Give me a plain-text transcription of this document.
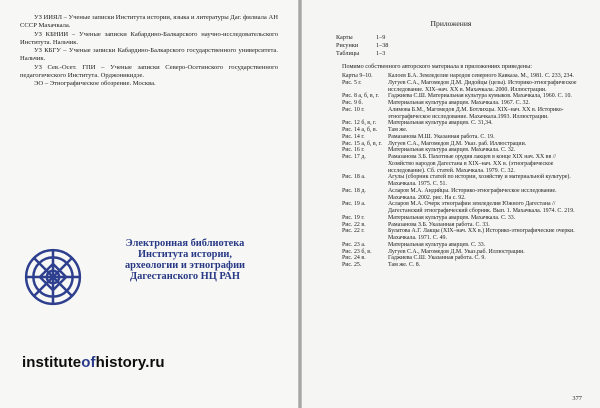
УЗ ИИЯЛ – Ученые записки Института истории, языка и литературы Даг. филиала АН СССР Махачкала.

УЗ КБНИИ – Ученые записки Кабардино-Балкарского научно-исследовательского Института. Нальчик.

УЗ КБГУ – Ученые записки Кабардино-Балкарского государственного университета. Нальчик.

УЗ Сев.-Осет. ГПИ – Ученые записки Северо-Осетинского государственного педагогического Института. Орджоникидзе.

ЭО – Этнографическое обозрение. Москва.

Электронная библиотека
Института истории,
археологии и этнографии
Дагестанского НЦ РАН
instituteofhistory.ru
Приложения
Карты	1–9
Рисунки	1–38
Таблицы	1–3
Помимо собственного авторского материала в приложениях приведены:
Карты 9–10.	Калоев Б.А. Земледелие народов северного Кавказа. М., 1981. С. 233, 234.
Рис. 5 г.	Лугуев С.А., Магомедов Д.М. Дидойцы (цезы). Историко-этнографическое исследование. XIX–нач. XX в. Махачкала. 2000. Иллюстрации.
Рис. 8 а, б, в, г.	Гаджиева С.Ш. Материальная культура кумыков. Махачкала, 1960. С. 10.
Рис. 9 б.	Материальная культура аварцев. Махачкала. 1967. С. 32.
Рис. 10 г.	Алимова Б.М., Магомедов Д.М. Ботлихцы. XIX–нач. XX в. Историко-этнографическое исследование. Махачкала.1993. Иллюстрации.
Рис. 12 б, в, г.	Материальная культура аварцев. С. 31,34.
Рис. 14 а, б, в.	Там же.
Рис. 14 г.	Рамазанова М.Ш. Указанная работа. С. 19.
Рис. 15 а, б, в, г.	Лугуев С.А., Магомедов Д.М. Указ. раб. Иллюстрации.
Рис. 16 г.	Материальная культура аварцев. Махачкала. С. 32.
Рис. 17 д.	Рамазанова З.Б. Пахотные орудия лакцев в конце XIX нач. XX вв // Хозяйство народов Дагестана в XIX–нач. XX в. (этнографическое исследование). Сб. статей. Махачкала. 1979. С. 32.
Рис. 18 а.	Агулы (сборник статей по истории, хозяйству и материальной культуре). Махачкала. 1975. С. 51.
Рис. 18 д.	Асларов М.А. Андийцы. Историко-этнографическое исследование. Махачкала. 2002. рис. На с. 92.
Рис. 19 а.	Асларов М.А. Очерк этнографии земледелия Южного Дагестана // Дагестанский этнографический сборник. Вып. 1. Махачкала. 1974. С. 219.
Рис. 19 г.	Материальная культура аварцев. Махачкала. С. 33.
Рис. 22 в.	Рамазанова З.Б. Указанная работа. С. 33.
Рис. 22 г.	Булатова А.Г. Лакцы (XIX–нач. XX в.) Историко-этнографические очерки. Махачкала. 1971. С. 49.
Рис. 23 а.	Материальная культура аварцев. С. 33.
Рис. 23 б, в.	Лугуев С.А., Магомедов Д.М. Указ.раб. Иллюстрации.
Рис. 24 в.	Гаджиева С.Ш. Указанная работа. С. 9.
Рис. 25.	Там же. С. 8.
377
